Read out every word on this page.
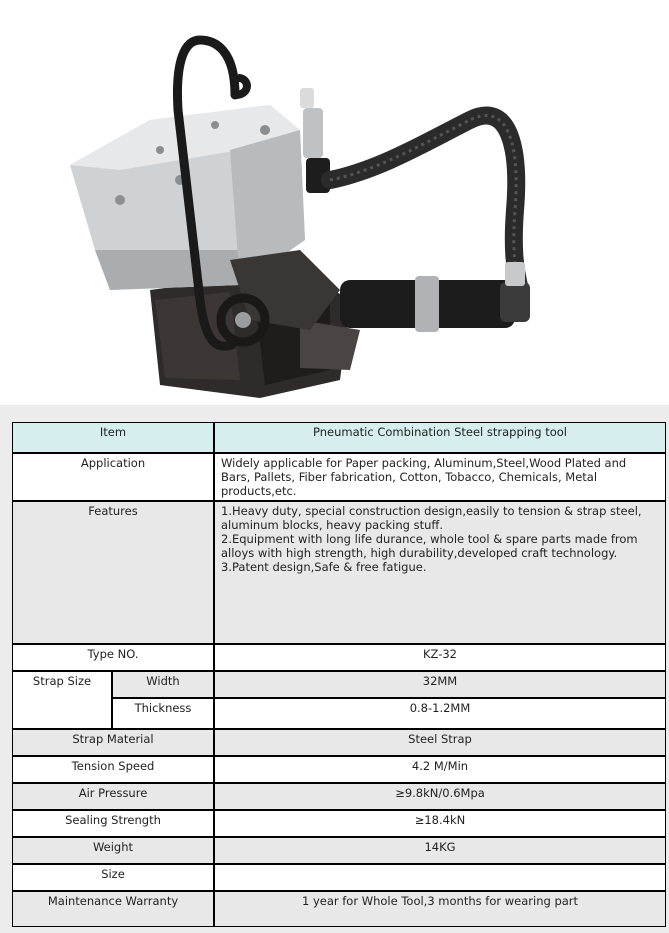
Item		Pneumatic Combination Steel strapping tool
Application		Widely applicable for Paper packing, Aluminum,Steel,Wood Plated and Bars, Pallets, Fiber fabrication, Cotton, Tobacco, Chemicals, Metal products,etc.
Features		1.Heavy duty, special construction design,easily to tension & strap steel, aluminum blocks, heavy packing stuff.
2.Equipment with long life durance, whole tool & spare parts made from alloys with high strength, high durability,developed craft technology.
3.Patent design,Safe & free fatigue.

Type NO.		KZ-32
Strap Size	Width	32MM
	Thickness	0.8-1.2MM
Strap Material		Steel Strap
Tension Speed		4.2 M/Min
Air Pressure		≥9.8kN/0.6Mpa
Sealing Strength		≥18.4kN
Weight		14KG
Size		
Maintenance Warranty		1 year for Whole Tool,3 months for wearing part
